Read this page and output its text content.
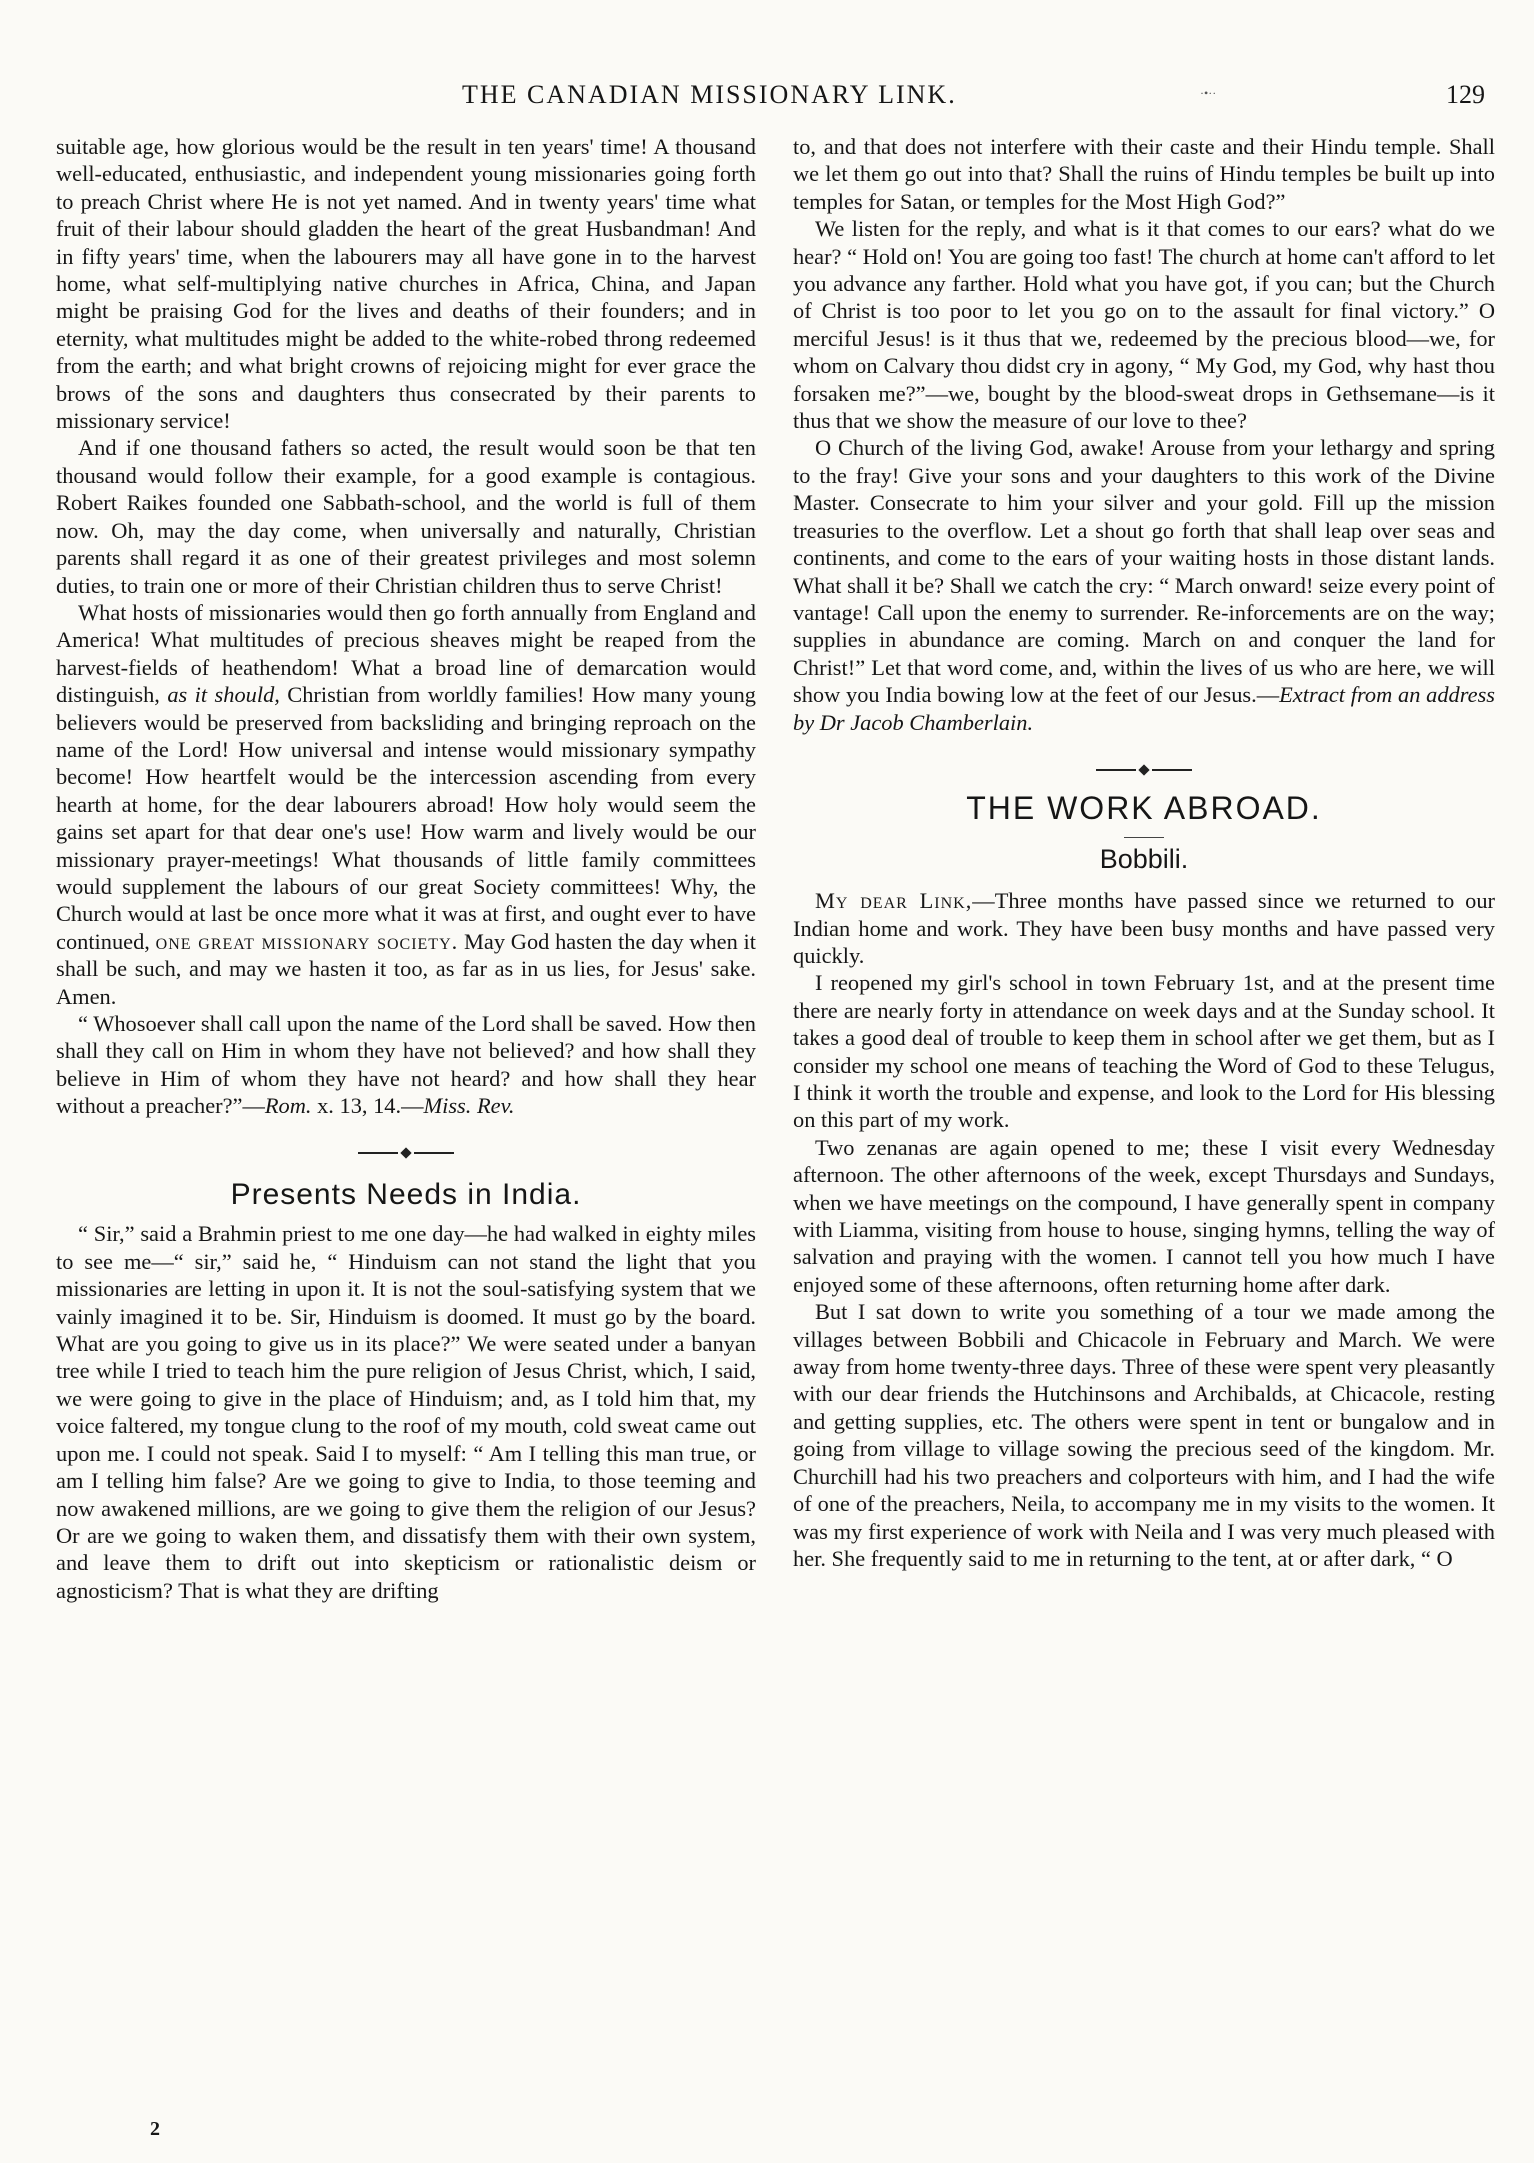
THE CANADIAN MISSIONARY LINK.	·•··	129

suitable age, how glorious would be the result in ten years' time! A thousand well-educated, enthusiastic, and independent young missionaries going forth to preach Christ where He is not yet named. And in twenty years' time what fruit of their labour should gladden the heart of the great Husbandman! And in fifty years' time, when the labourers may all have gone in to the harvest home, what self-multiplying native churches in Africa, China, and Japan might be praising God for the lives and deaths of their founders; and in eternity, what multitudes might be added to the white-robed throng redeemed from the earth; and what bright crowns of rejoicing might for ever grace the brows of the sons and daughters thus consecrated by their parents to missionary service!

And if one thousand fathers so acted, the result would soon be that ten thousand would follow their example, for a good example is contagious. Robert Raikes founded one Sabbath-school, and the world is full of them now. Oh, may the day come, when universally and naturally, Christian parents shall regard it as one of their greatest privileges and most solemn duties, to train one or more of their Christian children thus to serve Christ!

What hosts of missionaries would then go forth annually from England and America! What multitudes of precious sheaves might be reaped from the harvest-fields of heathendom! What a broad line of demarcation would distinguish, as it should, Christian from worldly families! How many young believers would be preserved from backsliding and bringing reproach on the name of the Lord! How universal and intense would missionary sympathy become! How heartfelt would be the intercession ascending from every hearth at home, for the dear labourers abroad! How holy would seem the gains set apart for that dear one's use! How warm and lively would be our missionary prayer-meetings! What thousands of little family committees would supplement the labours of our great Society committees! Why, the Church would at last be once more what it was at first, and ought ever to have continued, one great missionary society. May God hasten the day when it shall be such, and may we hasten it too, as far as in us lies, for Jesus' sake. Amen.

“ Whosoever shall call upon the name of the Lord shall be saved. How then shall they call on Him in whom they have not believed? and how shall they believe in Him of whom they have not heard? and how shall they hear without a preacher?”—Rom. x. 13, 14.—Miss. Rev.

Presents Needs in India.

“ Sir,” said a Brahmin priest to me one day—he had walked in eighty miles to see me—“ sir,” said he, “ Hinduism can not stand the light that you missionaries are letting in upon it. It is not the soul-satisfying system that we vainly imagined it to be. Sir, Hinduism is doomed. It must go by the board. What are you going to give us in its place?” We were seated under a banyan tree while I tried to teach him the pure religion of Jesus Christ, which, I said, we were going to give in the place of Hinduism; and, as I told him that, my voice faltered, my tongue clung to the roof of my mouth, cold sweat came out upon me. I could not speak. Said I to myself: “ Am I telling this man true, or am I telling him false? Are we going to give to India, to those teeming and now awakened millions, are we going to give them the religion of our Jesus? Or are we going to waken them, and dissatisfy them with their own system, and leave them to drift out into skepticism or rationalistic deism or agnosticism? That is what they are drifting

2

to, and that does not interfere with their caste and their Hindu temple. Shall we let them go out into that? Shall the ruins of Hindu temples be built up into temples for Satan, or temples for the Most High God?”

We listen for the reply, and what is it that comes to our ears? what do we hear? “ Hold on! You are going too fast! The church at home can't afford to let you advance any farther. Hold what you have got, if you can; but the Church of Christ is too poor to let you go on to the assault for final victory.” O merciful Jesus! is it thus that we, redeemed by the precious blood—we, for whom on Calvary thou didst cry in agony, “ My God, my God, why hast thou forsaken me?”—we, bought by the blood-sweat drops in Gethsemane—is it thus that we show the measure of our love to thee?

O Church of the living God, awake! Arouse from your lethargy and spring to the fray! Give your sons and your daughters to this work of the Divine Master. Consecrate to him your silver and your gold. Fill up the mission treasuries to the overflow. Let a shout go forth that shall leap over seas and continents, and come to the ears of your waiting hosts in those distant lands. What shall it be? Shall we catch the cry: “ March onward! seize every point of vantage! Call upon the enemy to surrender. Re-inforcements are on the way; supplies in abundance are coming. March on and conquer the land for Christ!” Let that word come, and, within the lives of us who are here, we will show you India bowing low at the feet of our Jesus.—Extract from an address by Dr Jacob Chamberlain.

THE WORK ABROAD.
Bobbili.

My dear Link,—Three months have passed since we returned to our Indian home and work. They have been busy months and have passed very quickly.

I reopened my girl's school in town February 1st, and at the present time there are nearly forty in attendance on week days and at the Sunday school. It takes a good deal of trouble to keep them in school after we get them, but as I consider my school one means of teaching the Word of God to these Telugus, I think it worth the trouble and expense, and look to the Lord for His blessing on this part of my work.

Two zenanas are again opened to me; these I visit every Wednesday afternoon. The other afternoons of the week, except Thursdays and Sundays, when we have meetings on the compound, I have generally spent in company with Liamma, visiting from house to house, singing hymns, telling the way of salvation and praying with the women. I cannot tell you how much I have enjoyed some of these afternoons, often returning home after dark.

But I sat down to write you something of a tour we made among the villages between Bobbili and Chicacole in February and March. We were away from home twenty-three days. Three of these were spent very pleasantly with our dear friends the Hutchinsons and Archibalds, at Chicacole, resting and getting supplies, etc. The others were spent in tent or bungalow and in going from village to village sowing the precious seed of the kingdom. Mr. Churchill had his two preachers and colporteurs with him, and I had the wife of one of the preachers, Neila, to accompany me in my visits to the women. It was my first experience of work with Neila and I was very much pleased with her. She frequently said to me in returning to the tent, at or after dark, “ O
